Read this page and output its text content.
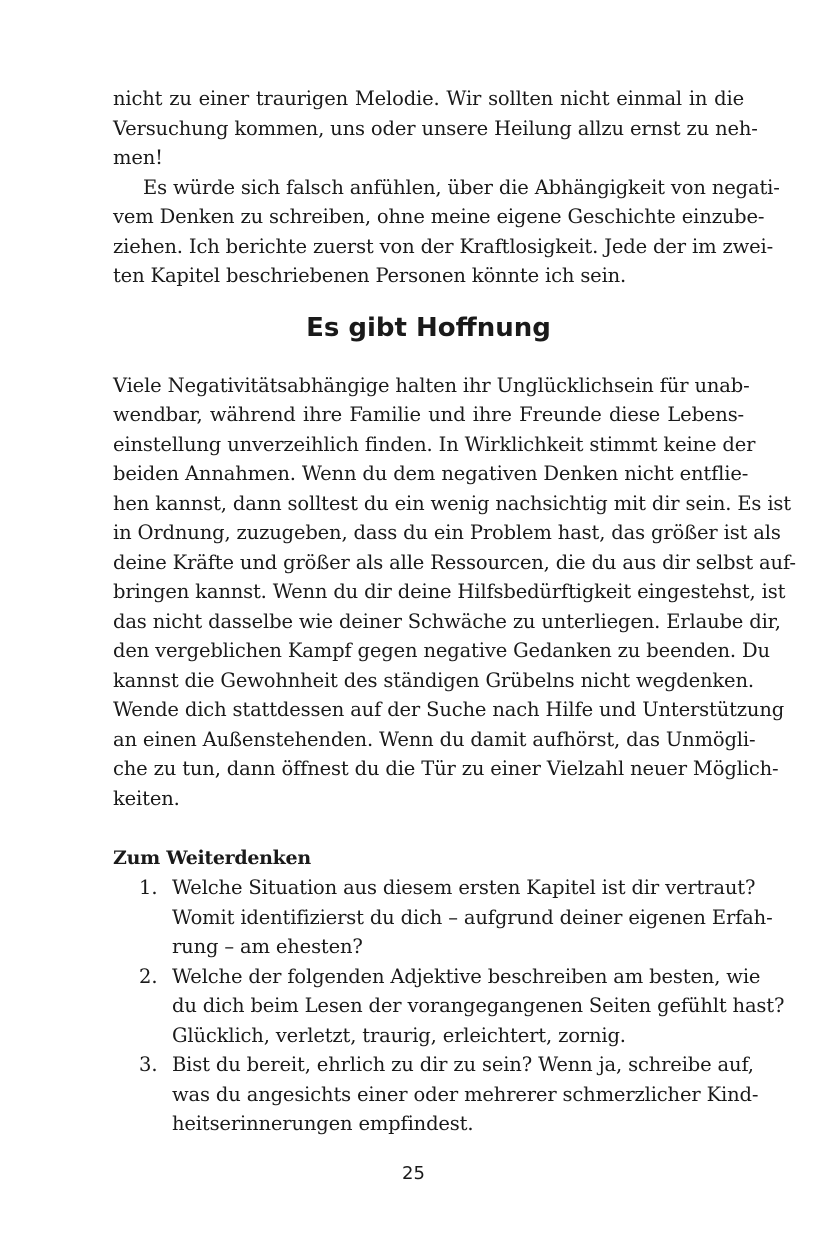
nicht zu einer traurigen Melodie. Wir sollten nicht einmal in die
Versuchung kommen, uns oder unsere Heilung allzu ernst zu neh-
men!
Es würde sich falsch anfühlen, über die Abhängigkeit von negati-
vem Denken zu schreiben, ohne meine eigene Geschichte einzube-
ziehen. Ich berichte zuerst von der Kraftlosigkeit. Jede der im zwei-
ten Kapitel beschriebenen Personen könnte ich sein.
Es gibt Hoffnung
Viele Negativitätsabhängige halten ihr Unglücklichsein für unab-
wendbar, während ihre Familie und ihre Freunde diese Lebens-
einstellung unverzeihlich finden. In Wirklichkeit stimmt keine der
beiden Annahmen. Wenn du dem negativen Denken nicht entflie-
hen kannst, dann solltest du ein wenig nachsichtig mit dir sein. Es ist
in Ordnung, zuzugeben, dass du ein Problem hast, das größer ist als
deine Kräfte und größer als alle Ressourcen, die du aus dir selbst auf-
bringen kannst. Wenn du dir deine Hilfsbedürftigkeit eingestehst, ist
das nicht dasselbe wie deiner Schwäche zu unterliegen. Erlaube dir,
den vergeblichen Kampf gegen negative Gedanken zu beenden. Du
kannst die Gewohnheit des ständigen Grübelns nicht wegdenken.
Wende dich stattdessen auf der Suche nach Hilfe und Unterstützung
an einen Außenstehenden. Wenn du damit aufhörst, das Unmögli-
che zu tun, dann öffnest du die Tür zu einer Vielzahl neuer Möglich-
keiten.
Zum Weiterdenken
1. Welche Situation aus diesem ersten Kapitel ist dir vertraut?
Womit identifizierst du dich – aufgrund deiner eigenen Erfah-
rung – am ehesten?
2. Welche der folgenden Adjektive beschreiben am besten, wie
du dich beim Lesen der vorangegangenen Seiten gefühlt hast?
Glücklich, verletzt, traurig, erleichtert, zornig.
3. Bist du bereit, ehrlich zu dir zu sein? Wenn ja, schreibe auf,
was du angesichts einer oder mehrerer schmerzlicher Kind-
heitserinnerungen empfindest.
25
